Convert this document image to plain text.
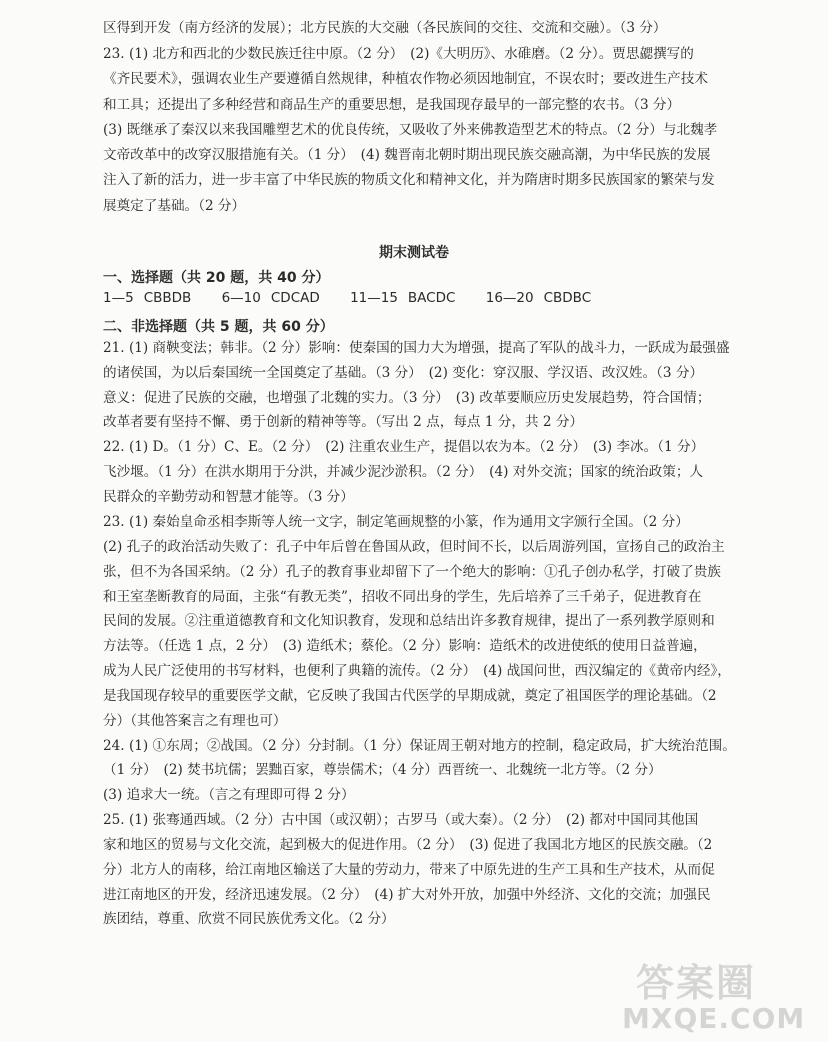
区得到开发（南方经济的发展）；北方民族的大交融（各民族间的交往、交流和交融）。（3 分）
23. (1) 北方和西北的少数民族迁往中原。（2 分）　(2)《大明历》、水碓磨。（2 分）。贾思勰撰写的
《齐民要术》，强调农业生产要遵循自然规律，种植农作物必须因地制宜，不误农时；要改进生产技术
和工具；还提出了多种经营和商品生产的重要思想，是我国现存最早的一部完整的农书。（3 分）
(3) 既继承了秦汉以来我国雕塑艺术的优良传统，又吸收了外来佛教造型艺术的特点。（2 分）与北魏孝
文帝改革中的改穿汉服措施有关。（1 分）　(4) 魏晋南北朝时期出现民族交融高潮，为中华民族的发展
注入了新的活力，进一步丰富了中华民族的物质文化和精神文化，并为隋唐时期多民族国家的繁荣与发
展奠定了基础。（2 分）
期末测试卷
一、选择题（共 20 题，共 40 分）
1—5 CBBDB 6—10 CDCAD 11—15 BACDC 16—20 CBDBC
二、非选择题（共 5 题，共 60 分）
21. (1) 商鞅变法；韩非。（2 分）影响：使秦国的国力大为增强，提高了军队的战斗力，一跃成为最强盛
的诸侯国，为以后秦国统一全国奠定了基础。（3 分）　(2) 变化：穿汉服、学汉语、改汉姓。（3 分）
意义：促进了民族的交融，也增强了北魏的实力。（3 分）　(3) 改革要顺应历史发展趋势，符合国情；
改革者要有坚持不懈、勇于创新的精神等等。（写出 2 点，每点 1 分，共 2 分）
22. (1) D。（1 分）C、E。（2 分）　(2) 注重农业生产，提倡以农为本。（2 分）　(3) 李冰。（1 分）
飞沙堰。（1 分）在洪水期用于分洪，并减少泥沙淤积。（2 分）　(4) 对外交流；国家的统治政策；人
民群众的辛勤劳动和智慧才能等。（3 分）
23. (1) 秦始皇命丞相李斯等人统一文字，制定笔画规整的小篆，作为通用文字颁行全国。（2 分）
(2) 孔子的政治活动失败了：孔子中年后曾在鲁国从政，但时间不长，以后周游列国，宣扬自己的政治主
张，但不为各国采纳。（2 分）孔子的教育事业却留下了一个绝大的影响：①孔子创办私学，打破了贵族
和王室垄断教育的局面，主张“有教无类”，招收不同出身的学生，先后培养了三千弟子，促进教育在
民间的发展。②注重道德教育和文化知识教育，发现和总结出许多教育规律，提出了一系列教学原则和
方法等。（任选 1 点，2 分）　(3) 造纸术；蔡伦。（2 分）影响：造纸术的改进使纸的使用日益普遍，
成为人民广泛使用的书写材料，也便利了典籍的流传。（2 分）　(4) 战国问世，西汉编定的《黄帝内经》，
是我国现存较早的重要医学文献，它反映了我国古代医学的早期成就，奠定了祖国医学的理论基础。（2
分）（其他答案言之有理也可）
24. (1) ①东周；②战国。（2 分）分封制。（1 分）保证周王朝对地方的控制，稳定政局，扩大统治范围。
（1 分）　(2) 焚书坑儒；罢黜百家，尊崇儒术；（4 分）西晋统一、北魏统一北方等。（2 分）
(3) 追求大一统。（言之有理即可得 2 分）
25. (1) 张骞通西域。（2 分）古中国（或汉朝）；古罗马（或大秦）。（2 分）　(2) 都对中国同其他国
家和地区的贸易与文化交流，起到极大的促进作用。（2 分）　(3) 促进了我国北方地区的民族交融。（2
分）北方人的南移，给江南地区输送了大量的劳动力，带来了中原先进的生产工具和生产技术，从而促
进江南地区的开发，经济迅速发展。（2 分）　(4) 扩大对外开放，加强中外经济、文化的交流；加强民
族团结，尊重、欣赏不同民族优秀文化。（2 分）
答案圈
MXQE.COM
